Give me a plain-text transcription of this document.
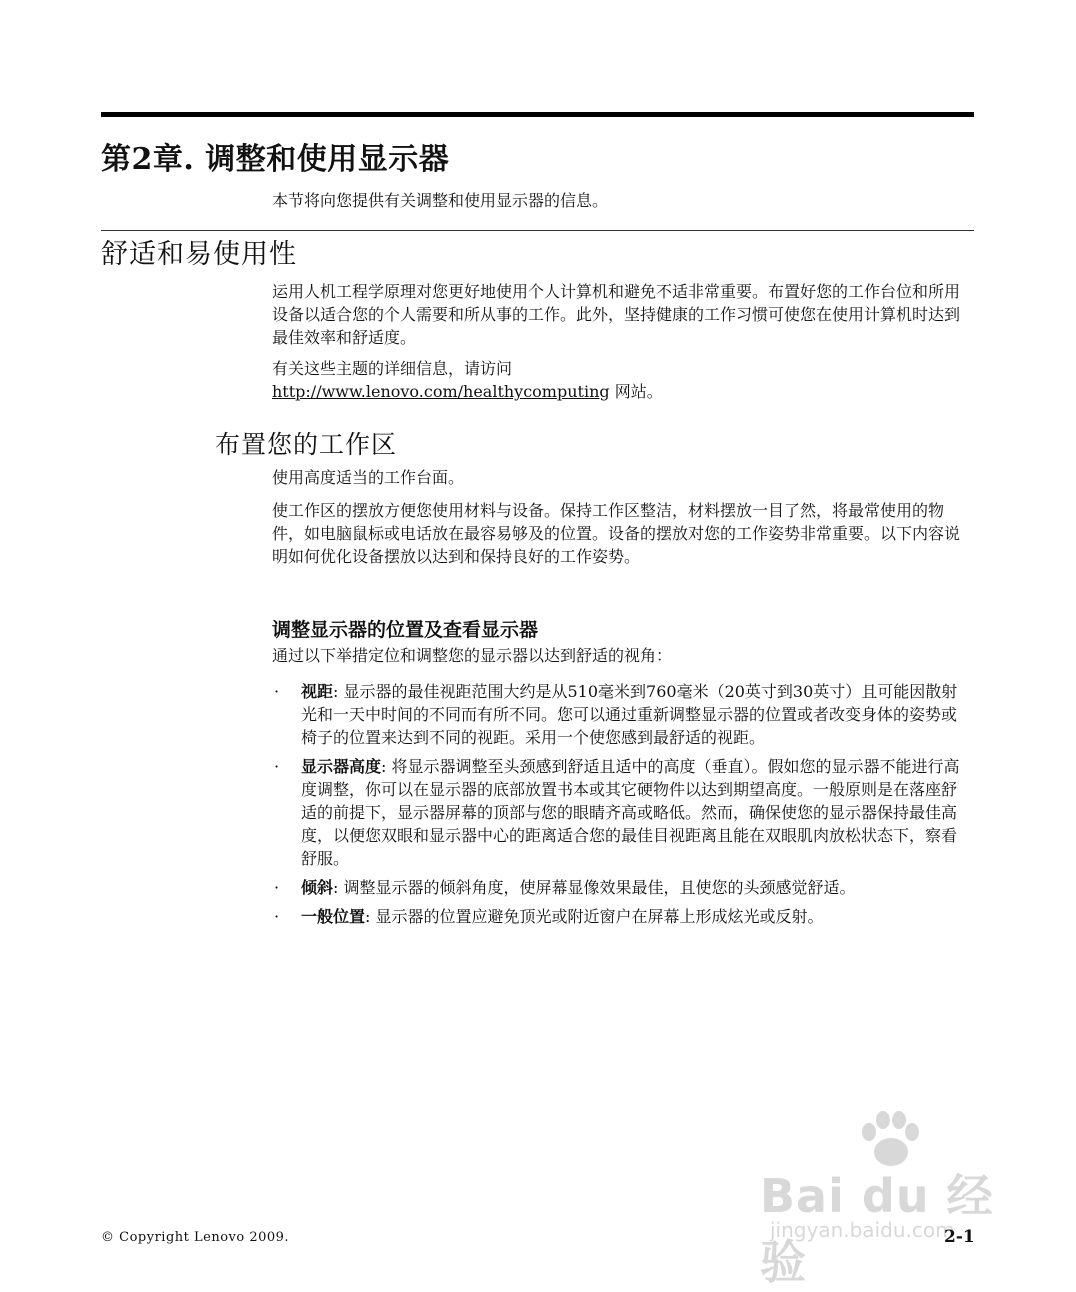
第2章. 调整和使用显示器

本节将向您提供有关调整和使用显示器的信息。

舒适和易使用性

运用人机工程学原理对您更好地使用个人计算机和避免不适非常重要。布置好您的工作台位和所用设备以适合您的个人需要和所从事的工作。此外，坚持健康的工作习惯可使您在使用计算机时达到最佳效率和舒适度。

有关这些主题的详细信息，请访问
http://www.lenovo.com/healthycomputing 网站。

布置您的工作区

使用高度适当的工作台面。

使工作区的摆放方便您使用材料与设备。保持工作区整洁，材料摆放一目了然，将最常使用的物件，如电脑鼠标或电话放在最容易够及的位置。设备的摆放对您的工作姿势非常重要。以下内容说明如何优化设备摆放以达到和保持良好的工作姿势。

调整显示器的位置及查看显示器

通过以下举措定位和调整您的显示器以达到舒适的视角：

· 视距: 显示器的最佳视距范围大约是从510毫米到760毫米（20英寸到30英寸）且可能因散射光和一天中时间的不同而有所不同。您可以通过重新调整显示器的位置或者改变身体的姿势或椅子的位置来达到不同的视距。采用一个使您感到最舒适的视距。
· 显示器高度: 将显示器调整至头颈感到舒适且适中的高度（垂直）。假如您的显示器不能进行高度调整，你可以在显示器的底部放置书本或其它硬物件以达到期望高度。一般原则是在落座舒适的前提下，显示器屏幕的顶部与您的眼睛齐高或略低。然而，确保使您的显示器保持最佳高度，以便您双眼和显示器中心的距离适合您的最佳目视距离且能在双眼肌肉放松状态下，察看舒服。
· 倾斜: 调整显示器的倾斜角度，使屏幕显像效果最佳，且使您的头颈感觉舒适。
· 一般位置: 显示器的位置应避免顶光或附近窗户在屏幕上形成炫光或反射。
Bai du 经验
jingyan.baidu.com
© Copyright Lenovo 2009.	2-1
